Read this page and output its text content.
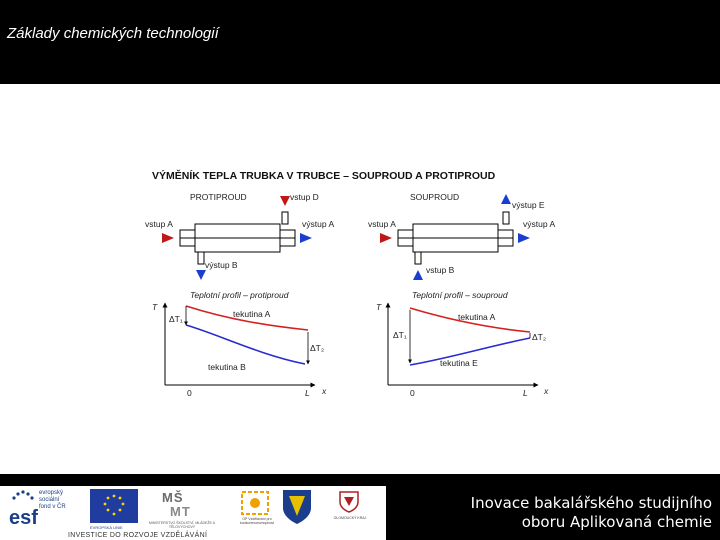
Základy chemických technologií
VÝMĚNÍK TEPLA TRUBKA V TRUBCE – SOUPROUD A PROTIPROUD
PROTIPROUD	vstup D
vstup A	výstup A
výstup B
Teplotní profil – protiproud
T
0	L x
ΔT₁
ΔT₂
tekutina A
tekutina B
SOUPROUD
výstup E
vstup A	výstup A
vstup B
Teplotní profil – souproud
T
0	L x
ΔT₁	ΔT₂
tekutina A
tekutina E
esf
evropský sociální fond v ČR
EVROPSKÁ UNIE
MŠ
MT
MINISTERSTVO ŠKOLSTVÍ, MLÁDEŽE A TĚLOVÝCHOVY
OP Vzdělávání pro konkurenceschopnost
OLOMOUCKÝ KRAJ
INVESTICE DO ROZVOJE VZDĚLÁVÁNÍ
Inovace bakalářského studijního
oboru Aplikovaná chemie
